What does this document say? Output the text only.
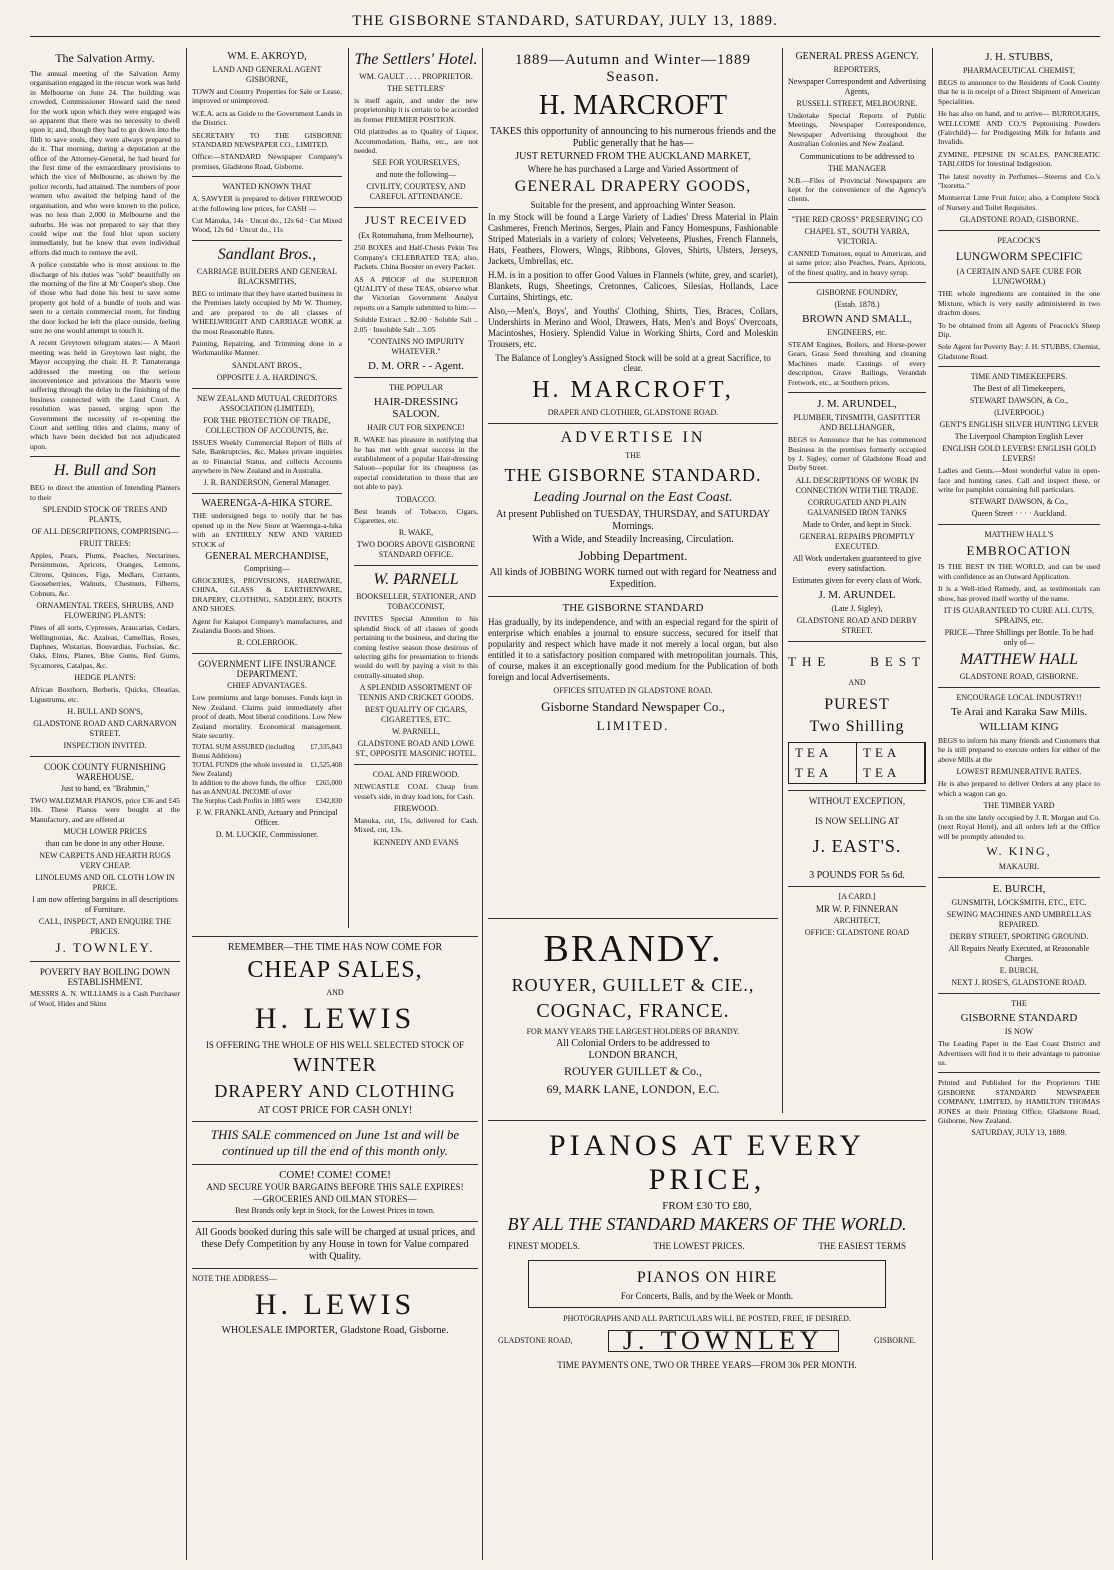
THE GISBORNE STANDARD, SATURDAY, JULY 13, 1889.
The Salvation Army.

The annual meeting of the Salvation Army organisation engaged in the rescue work was held in Melbourne on June 24. The building was crowded, Commissioner Howard said the need for the work upon which they were engaged was so apparent that there was no necessity to dwell upon it; and, though they had to go down into the filth to save souls, they were always prepared to do it. That morning, during a deputation at the office of the Attorney-General, he had heard for the first time of the extraordinary provisions to which the vice of Melbourne, as shown by the police records, had attained. The numbers of poor women who awaited the helping hand of the organisation, and who were known to the police, was no less than 2,000 in Melbourne and the suburbs. He was not prepared to say that they could wipe out the foul blot upon society immediately, but he knew that even individual efforts did much to remove the evil.

A police constable who is most anxious to the discharge of his duties was "sold" beautifully on the morning of the fire at Mr Cooper's shop. One of those who had done his best to save some property got hold of a bundle of tools and was seen to a certain commercial room, for finding the door locked he left the place outside, feeling sure no one would attempt to touch it.

A recent Greytown telegram states:— A Maori meeting was held in Greytown last night, the Mayor occupying the chair. H. P. Tamateranga addressed the meeting on the serious inconvenience and privations the Maoris were suffering through the delay in the finishing of the business connected with the Land Court. A resolution was passed, urging upon the Government the necessity of re-opening the Court and settling titles and claims, many of which have been decided but not adjudicated upon.

H. Bull and Son

BEG to direct the attention of Intending Planters to their

SPLENDID STOCK OF TREES AND PLANTS,
OF ALL DESCRIPTIONS, COMPRISING—
FRUIT TREES:

Apples, Pears, Plums, Peaches, Nectarines, Persimmons, Apricots, Oranges, Lemons, Citrons, Quinces, Figs, Medlars, Currants, Gooseberries, Walnuts, Chestnuts, Filberts, Cobnuts, &c.

ORNAMENTAL TREES, SHRUBS, AND FLOWERING PLANTS:

Pines of all sorts, Cypresses, Araucarias, Cedars, Wellingtonias, &c. Azaleas, Camellias, Roses, Daphnes, Wistarias, Bouvardias, Fuchsias, &c. Oaks, Elms, Planes, Blue Gums, Red Gums, Sycamores, Catalpas, &c.

HEDGE PLANTS:

African Boxthorn, Berberis, Quicks, Olearias, Ligustrums, etc.

H. BULL AND SON'S,
GLADSTONE ROAD AND CARNARVON STREET.
INSPECTION INVITED.
COOK COUNTY FURNISHING WAREHOUSE.
Just to hand, ex "Brahmin,"

TWO WALDZMAR PIANOS, price £36 and £45 10s. These Pianos were bought at the Manufactory, and are offered at

MUCH LOWER PRICES
than can be done in any other House.
NEW CARPETS AND HEARTH RUGS VERY CHEAP.
LINOLEUMS AND OIL CLOTH LOW IN PRICE.
I am now offering bargains in all descriptions of Furniture.
CALL, INSPECT, AND ENQUIRE THE PRICES.
J. TOWNLEY.
POVERTY BAY BOILING DOWN ESTABLISHMENT.

MESSRS A. N. WILLIAMS is a Cash Purchaser of Wool, Hides and Skins

WM. E. AKROYD,
LAND AND GENERAL AGENT GISBORNE,

TOWN and Country Properties for Sale or Lease, improved or unimproved.

W.E.A. acts as Guide to the Government Lands in the District.

SECRETARY TO THE GISBORNE STANDARD NEWSPAPER CO., LIMITED.

Office:—STANDARD Newspaper Company's premises, Gladstone Road, Gisborne.

WANTED KNOWN THAT

A. SAWYER is prepared to deliver FIREWOOD at the following low prices, for CASH —

Cut Manuka, 14s · Uncut do., 12s 6d · Cut Mixed Wood, 12s 6d · Uncut do., 11s

Sandlant Bros.,
CARRIAGE BUILDERS AND GENERAL BLACKSMITHS,

BEG to intimate that they have started business in the Premises lately occupied by Mr W. Thorney, and are prepared to do all classes of WHEELWRIGHT AND CARRIAGE WORK at the most Reasonable Rates.

Painting, Repairing, and Trimming done in a Workmanlike Manner.

SANDLANT BROS.,
OPPOSITE J. A. HARDING'S.
NEW ZEALAND MUTUAL CREDITORS ASSOCIATION (LIMITED),
FOR THE PROTECTION OF TRADE, COLLECTION OF ACCOUNTS, &c.

ISSUES Weekly Commercial Report of Bills of Sale, Bankruptcies, &c. Makes private inquiries as to Financial Status, and collects Accounts anywhere in New Zealand and in Australia.

J. R. BANDERSON, General Manager.
WAERENGA-A-HIKA STORE.

THE undersigned begs to notify that he has opened up in the New Store at Waerenga-a-hika with an ENTIRELY NEW AND VARIED STOCK of

GENERAL MERCHANDISE,
Comprising—

GROCERIES, PROVISIONS, HARDWARE, CHINA, GLASS & EARTHENWARE, DRAPERY, CLOTHING, SADDLERY, BOOTS AND SHOES.

Agent for Kaiapoi Company's manufactures, and Zealandia Boots and Shoes.

R. COLEBROOK.
GOVERNMENT LIFE INSURANCE DEPARTMENT.
CHIEF ADVANTAGES.

Low premiums and large bonuses. Funds kept in New Zealand. Claims paid immediately after proof of death. Most liberal conditions. Low New Zealand mortality. Economical management. State security.

TOTAL SUM ASSURED (including Bonus Additions)
£7,335,843
TOTAL FUNDS (the whole invested in New Zealand)
£1,525,408
In addition to the above funds, the office has an ANNUAL INCOME of over
£265,000
The Surplus Cash Profits in 1885 were £342,830
F. W. FRANKLAND, Actuary and Principal Officer.
D. M. LUCKIE, Commissioner.
The Settlers' Hotel.
WM. GAULT . . . . PROPRIETOR.
THE SETTLERS'

is itself again, and under the new proprietorship it is certain to be accorded its former PREMIER POSITION.

Old platitudes as to Quality of Liquor, Accommodation, Baths, etc., are not needed.

SEE FOR YOURSELVES,
and note the following—
CIVILITY, COURTESY, AND CAREFUL ATTENDANCE.
JUST RECEIVED
(Ex Rotomahana, from Melbourne),

250 BOXES and Half-Chests Pekin Tea Company's CELEBRATED TEA; also, Packets. China Booster on every Packet.

AS A PROOF of the SUPERIOR QUALITY of these TEAS, observe what the Victorian Government Analyst reports on a Sample submitted to him:—

Soluble Extract .. $2.00 · Soluble Salt .. 2.05 · Insoluble Salt .. 3.05

"CONTAINS NO IMPURITY WHATEVER."
D. M. ORR - - Agent.
THE POPULAR
HAIR-DRESSING SALOON.
HAIR CUT FOR SIXPENCE!

R. WAKE has pleasure in notifying that he has met with great success in the establishment of a popular Hair-dressing Saloon—popular for its cheapness (as especial consideration to those that are not able to pay).

TOBACCO.

Best brands of Tobacco, Cigars, Cigarettes, etc.

R. WAKE,
TWO DOORS ABOVE GISBORNE STANDARD OFFICE.
W. PARNELL
BOOKSELLER, STATIONER, AND TOBACCONIST,

INVITES Special Attention to his splendid Stock of all classes of goods pertaining to the business, and during the coming festive season those desirous of selecting gifts for presentation to friends would do well by paying a visit to this centrally-situated shop.

A SPLENDID ASSORTMENT OF TENNIS AND CRICKET GOODS.
BEST QUALITY OF CIGARS, CIGARETTES, ETC.
W. PARNELL,
GLADSTONE ROAD AND LOWE ST., OPPOSITE MASONIC HOTEL.
COAL AND FIREWOOD.

NEWCASTLE COAL Cheap from vessel's side, in dray load lots, for Cash.

FIREWOOD.

Manuka, cut, 15s, delivered for Cash. Mixed, cut, 13s.

KENNEDY AND EVANS
REMEMBER—THE TIME HAS NOW COME FOR
CHEAP SALES,
AND
H. LEWIS
IS OFFERING THE WHOLE OF HIS WELL SELECTED STOCK OF
WINTER
DRAPERY AND CLOTHING
AT COST PRICE FOR CASH ONLY!
THIS SALE commenced on June 1st and will be continued up till the end of this month only.
COME! COME! COME!
AND SECURE YOUR BARGAINS BEFORE THIS SALE EXPIRES!
—GROCERIES AND OILMAN STORES—
Best Brands only kept in Stock, for the Lowest Prices in town.
All Goods booked during this sale will be charged at usual prices, and these Defy Competition by any House in town for Value compared with Quality.
NOTE THE ADDRESS—
H. LEWIS
WHOLESALE IMPORTER, Gladstone Road, Gisborne.
1889—Autumn and Winter—1889 Season.
H. MARCROFT
TAKES this opportunity of announcing to his numerous friends and the Public generally that he has—
JUST RETURNED FROM THE AUCKLAND MARKET,
Where he has purchased a Large and Varied Assortment of
GENERAL DRAPERY GOODS,
Suitable for the present, and approaching Winter Season.

In my Stock will be found a Large Variety of Ladies' Dress Material in Plain Cashmeres, French Merinos, Serges, Plain and Fancy Homespuns, Fashionable Striped Materials in a variety of colors; Velveteens, Plushes, French Flannels, Hats, Feathers, Flowers, Wings, Ribbons, Gloves, Shirts, Ulsters, Jerseys, Jackets, Umbrellas, etc.

H.M. is in a position to offer Good Values in Flannels (white, grey, and scarlet), Blankets, Rugs, Sheetings, Cretonnes, Calicoes, Silesias, Hollands, Lace Curtains, Shirtings, etc.

Also,—Men's, Boys', and Youths' Clothing, Shirts, Ties, Braces, Collars, Undershirts in Merino and Wool, Drawers, Hats, Men's and Boys' Overcoats, Macintoshes, Hosiery. Splendid Value in Working Shirts, Cord and Moleskin Trousers, etc.

The Balance of Longley's Assigned Stock will be sold at a great Sacrifice, to clear.
H. MARCROFT,
DRAPER AND CLOTHIER, GLADSTONE ROAD.
ADVERTISE IN
THE
THE GISBORNE STANDARD.
Leading Journal on the East Coast.
At present Published on TUESDAY, THURSDAY, and SATURDAY Mornings.
With a Wide, and Steadily Increasing, Circulation.
Jobbing Department.
All kinds of JOBBING WORK turned out with regard for Neatness and Expedition.
THE GISBORNE STANDARD

Has gradually, by its independence, and with an especial regard for the spirit of enterprise which enables a journal to ensure success, secured for itself that popularity and respect which have made it not merely a local organ, but also entitled it to a satisfactory position compared with metropolitan journals. This, of course, makes it an exceptionally good medium for the Publication of both foreign and local Advertisements.

OFFICES SITUATED IN GLADSTONE ROAD.
Gisborne Standard Newspaper Co.,
LIMITED.
BRANDY.
ROUYER, GUILLET & CIE.,
COGNAC, FRANCE.
FOR MANY YEARS THE LARGEST HOLDERS OF BRANDY.
All Colonial Orders to be addressed to
LONDON BRANCH,
ROUYER GUILLET & Co.,
69, MARK LANE, LONDON, E.C.
GENERAL PRESS AGENCY.
REPORTERS,
Newspaper Correspondent and Advertising Agents,
RUSSELL STREET, MELBOURNE.

Undertake Special Reports of Public Meetings, Newspaper Correspondence, Newspaper Advertising throughout the Australian Colonies and New Zealand.

Communications to be addressed to
THE MANAGER

N.B.—Files of Provincial Newspapers are kept for the convenience of the Agency's clients.

"THE RED CROSS" PRESERVING CO
CHAPEL ST., SOUTH YARRA, VICTORIA.

CANNED Tomatoes, equal to American, and at same price; also Peaches, Pears, Apricots, of the finest quality, and in heavy syrup.

GISBORNE FOUNDRY,
(Estab. 1878.)
BROWN AND SMALL,
ENGINEERS, etc.

STEAM Engines, Boilers, and Horse-power Gears, Grass Seed threshing and cleaning Machines made. Castings of every description, Grave Railings, Verandah Fretwork, etc., at Southern prices.

J. M. ARUNDEL,
PLUMBER, TINSMITH, GASFITTER AND BELLHANGER,

BEGS to Announce that he has commenced Business in the premises formerly occupied by J. Sigley, corner of Gladstone Road and Derby Street.

ALL DESCRIPTIONS OF WORK IN CONNECTION WITH THE TRADE.
CORRUGATED AND PLAIN GALVANISED IRON TANKS
Made to Order, and kept in Stock.
GENERAL REPAIRS PROMPTLY EXECUTED.
All Work undertaken guaranteed to give every satisfaction.
Estimates given for every class of Work.
J. M. ARUNDEL
(Late J. Sigley),
GLADSTONE ROAD AND DERBY STREET.
THE	BEST
AND
PUREST
Two Shilling
TEA	TEA
TEA	TEA
WITHOUT EXCEPTION,
IS NOW SELLING AT
J. EAST'S.
3 POUNDS FOR 5s 6d.
[A CARD.]
MR W. P. FINNERAN
ARCHITECT,
OFFICE: GLADSTONE ROAD
PIANOS AT EVERY PRICE,
FROM £30 TO £80,
BY ALL THE STANDARD MAKERS OF THE WORLD.
FINEST MODELS.	THE LOWEST PRICES.	THE EASIEST TERMS
PIANOS ON HIRE
For Concerts, Balls, and by the Week or Month.
PHOTOGRAPHS AND ALL PARTICULARS WILL BE POSTED, FREE, IF DESIRED.
GLADSTONE ROAD,	J. TOWNLEY	GISBORNE.
TIME PAYMENTS ONE, TWO OR THREE YEARS—FROM 30s PER MONTH.
J. H. STUBBS,
PHARMACEUTICAL CHEMIST,

BEGS to announce to the Residents of Cook County that he is in receipt of a Direct Shipment of American Specialities.

He has also on hand, and to arrive— BURROUGHS, WELLCOME AND CO.'S Peptonising Powders (Fairchild)— for Predigesting Milk for Infants and Invalids.

ZYMINE, PEPSINE IN SCALES, PANCREATIC TABLOIDS for Intestinal Indigestion.

The latest novelty in Perfumes—Steerns and Co.'s "Ixoretta."

Montserrat Lime Fruit Juice; also, a Complete Stock of Nursery and Toilet Requisites.

GLADSTONE ROAD, GISBORNE.
PEACOCK'S
LUNGWORM SPECIFIC
(A CERTAIN AND SAFE CURE FOR LUNGWORM.)

THE whole ingredients are contained in the one Mixture, which is very easily administered in two drachm doses.

To be obtained from all Agents of Peacock's Sheep Dip.

Sole Agent for Poverty Bay: J. H. STUBBS, Chemist, Gladstone Road.

TIME AND TIMEKEEPERS.
The Best of all Timekeepers,
STEWART DAWSON, & Co.,
(LIVERPOOL)
GENT'S ENGLISH SILVER HUNTING LEVER
The Liverpool Champion English Lever
ENGLISH GOLD LEVERS! ENGLISH GOLD LEVERS!

Ladies and Gents.—Most wonderful value in open-face and hunting cases. Call and inspect these, or write for pamphlet containing full particulars.

STEWART DAWSON, & Co.,
Queen Street · · · · Auckland.
MATTHEW HALL'S
EMBROCATION

IS THE BEST IN THE WORLD, and can be used with confidence as an Outward Application.

It is a Well-tried Remedy, and, as testimonials can show, has proved itself worthy of the name.

IT IS GUARANTEED TO CURE ALL CUTS, SPRAINS, etc.
PRICE—Three Shillings per Bottle. To be had only of—
MATTHEW HALL
GLADSTONE ROAD, GISBORNE.
ENCOURAGE LOCAL INDUSTRY!!
Te Arai and Karaka Saw Mills.
WILLIAM KING

BEGS to inform his many friends and Customers that he is still prepared to execute orders for either of the above Mills at the

LOWEST REMUNERATIVE RATES.

He is also prepared to deliver Orders at any place to which a wagon can go.

THE TIMBER YARD

Is on the site lately occupied by J. R. Morgan and Co. (next Royal Hotel), and all orders left at the Office will be promptly attended to.

W. KING,
MAKAURI.
E. BURCH,
GUNSMITH, LOCKSMITH, ETC., ETC.
SEWING MACHINES AND UMBRELLAS REPAIRED.
DERBY STREET, SPORTING GROUND.
All Repairs Neatly Executed, at Reasonable Charges.
E. BURCH,
NEXT J. ROSE'S, GLADSTONE ROAD.
THE
GISBORNE STANDARD
IS NOW

The Leading Paper in the East Coast District and Advertisers will find it to their advantage to patronise us.

Printed and Published for the Proprietors THE GISBORNE STANDARD NEWSPAPER COMPANY, LIMITED, by HAMILTON THOMAS JONES at their Printing Office, Gladstone Road, Gisborne, New Zealand.

SATURDAY, JULY 13, 1889.
